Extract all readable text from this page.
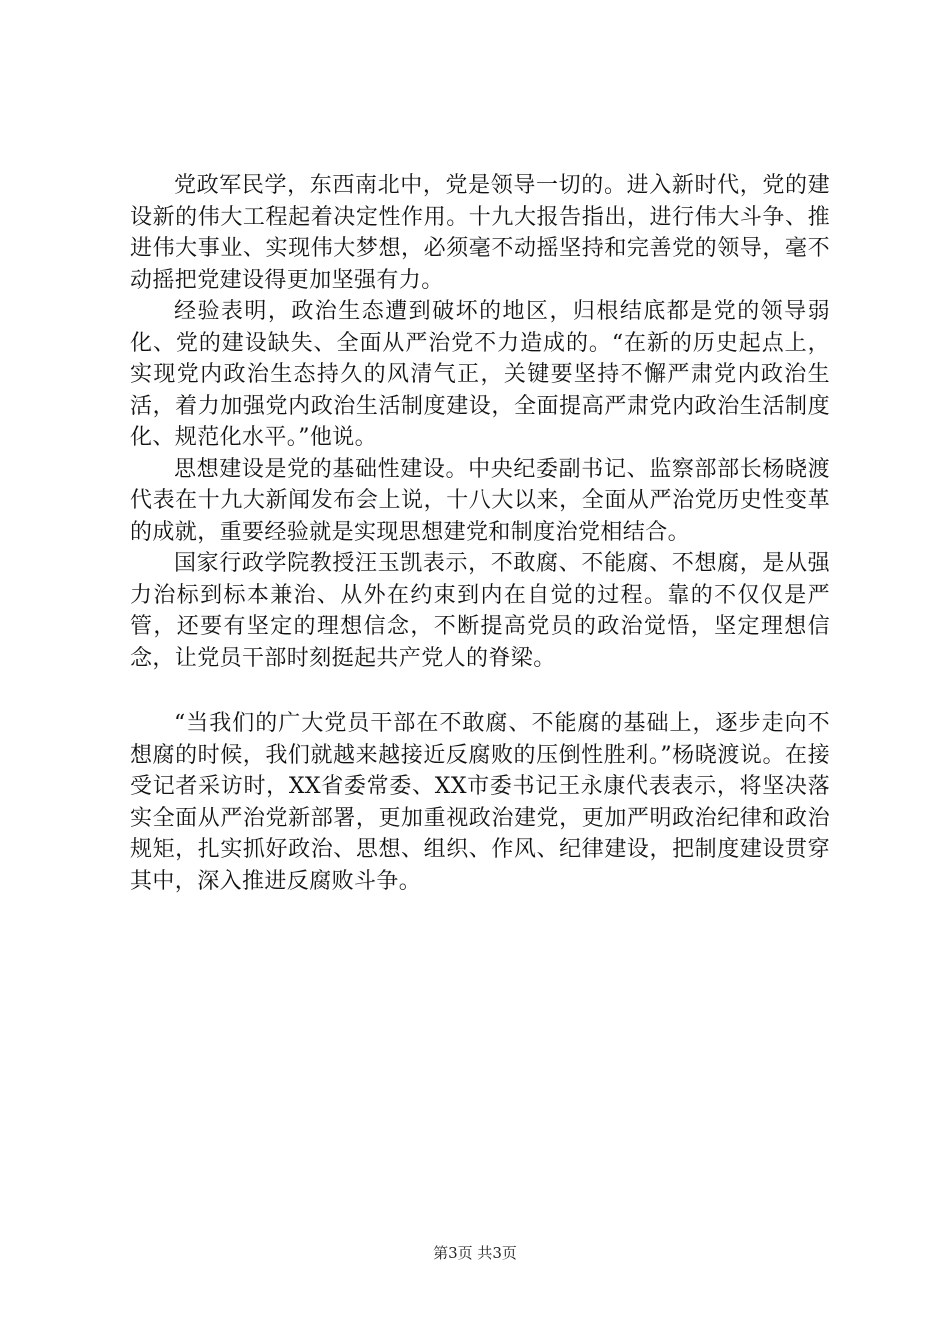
党政军民学，东西南北中，党是领导一切的。进入新时代，党的建设新的伟大工程起着决定性作用。十九大报告指出，进行伟大斗争、推进伟大事业、实现伟大梦想，必须毫不动摇坚持和完善党的领导，毫不动摇把党建设得更加坚强有力。

经验表明，政治生态遭到破坏的地区，归根结底都是党的领导弱化、党的建设缺失、全面从严治党不力造成的。“在新的历史起点上，实现党内政治生态持久的风清气正，关键要坚持不懈严肃党内政治生活，着力加强党内政治生活制度建设，全面提高严肃党内政治生活制度化、规范化水平。”他说。

思想建设是党的基础性建设。中央纪委副书记、监察部部长杨晓渡代表在十九大新闻发布会上说，十八大以来，全面从严治党历史性变革的成就，重要经验就是实现思想建党和制度治党相结合。

国家行政学院教授汪玉凯表示，不敢腐、不能腐、不想腐，是从强力治标到标本兼治、从外在约束到内在自觉的过程。靠的不仅仅是严管，还要有坚定的理想信念，不断提高党员的政治觉悟，坚定理想信念，让党员干部时刻挺起共产党人的脊梁。

“当我们的广大党员干部在不敢腐、不能腐的基础上，逐步走向不想腐的时候，我们就越来越接近反腐败的压倒性胜利。”杨晓渡说。在接受记者采访时，XX省委常委、XX市委书记王永康代表表示，将坚决落实全面从严治党新部署，更加重视政治建党，更加严明政治纪律和政治规矩，扎实抓好政治、思想、组织、作风、纪律建设，把制度建设贯穿其中，深入推进反腐败斗争。

第3页 共3页
